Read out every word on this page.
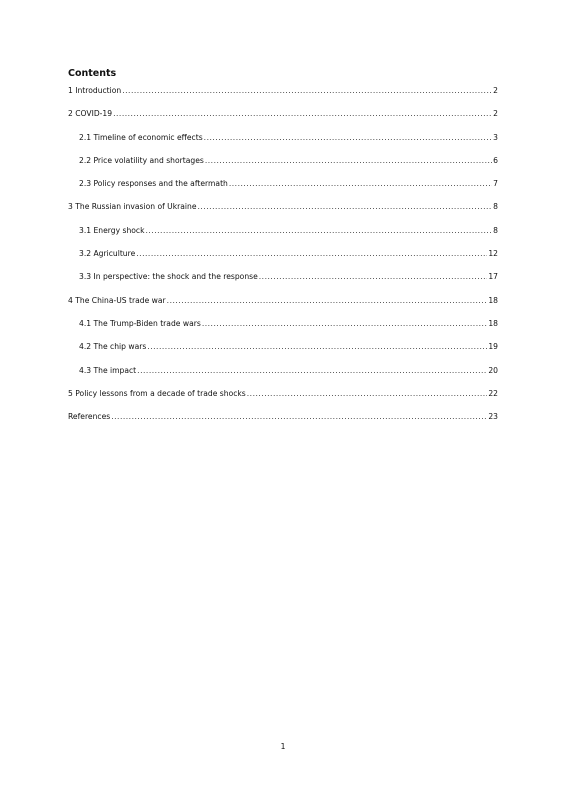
Contents
1 Introduction .....	2
2 COVID-19 .....	2
2.1 Timeline of economic effects .....	3
2.2 Price volatility and shortages .....	6
2.3 Policy responses and the aftermath .....	7
3 The Russian invasion of Ukraine .....	8
3.1 Energy shock .....	8
3.2 Agriculture .....	12
3.3 In perspective: the shock and the response .....	17
4 The China-US trade war .....	18
4.1 The Trump-Biden trade wars .....	18
4.2 The chip wars .....	19
4.3 The impact .....	20
5 Policy lessons from a decade of trade shocks .....	22
References .....	23
1
